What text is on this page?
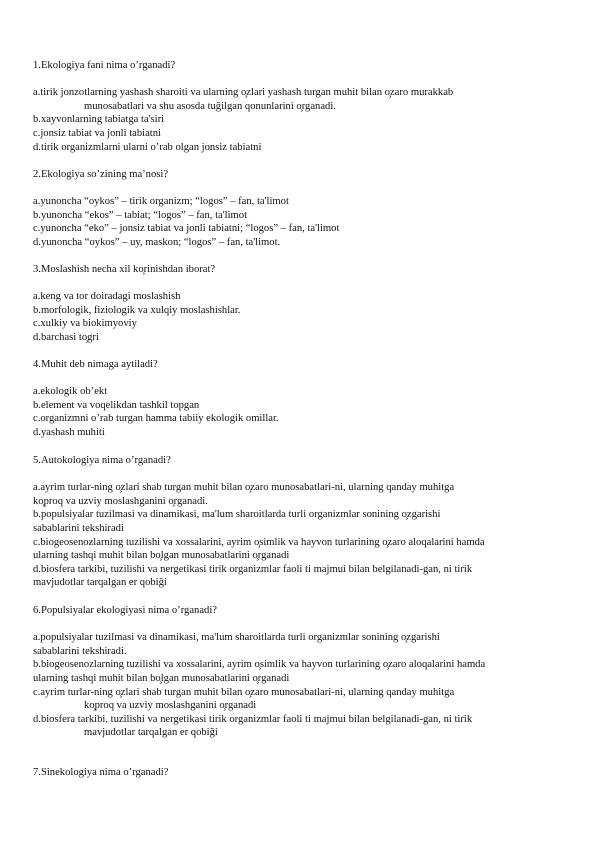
1.Ekologiya fani nima o’rganadi?
a.tirik jonzotlarning yashash sharoiti va ularning o̧zlari yashash turgan muhit bilan o̧zaro murakkab
munosabatlari va shu asosda tuğilgan qonunlarini o̧rganadi.
b.xayvonlarning tabiatga ta'siri
c.jonsiz tabiat va jonli tabiatni
d.tirik organizmlarni ularni o’rab olgan jonsiz tabiatni
2.Ekologiya so’zining ma’nosi?
a.yunoncha “oykos” – tirik organizm; “logos” – fan, ta'limot
b.yunoncha “ekos” – tabiat; “logos” – fan, ta'limot
c.yunoncha “eko” – jonsiz tabiat va jonli tabiatni; “logos” – fan, ta'limot
d.yunoncha “oykos” – uy, maskon; “logos” – fan, ta'limot.
3.Moslashish necha xil ko̧rinishdan iborat?
a.keng va tor doiradagi moslashish
b.morfologik, fiziologik va xulqiy moslashishlar.
c.xulkiy va biokimyoviy
d.barchasi to̧gri
4.Muhit deb nimaga aytiladi?
a.ekologik ob’ekt
b.element va voqelikdan tashkil topgan
c.organizmni o’rab turgan hamma tabiiy ekologik omillar.
d.yashash muhiti
5.Autokologiya nima o’rganadi?
a.ayrim turlar-ning o̧zlari shab turgan muhit bilan o̧zaro munosabatlari-ni, ularning qanday muhitga
ko̧proq va uzviy moslashganini o̧rganadi.
b.populsiyalar tuzilmasi va dinamikasi, ma'lum sharoitlarda turli organizmlar sonining o̧zgarishi
sabablarini tekshiradi
c.biogeosenozlarning tuzilishi va xossalarini, ayrim o̧simlik va hayvon turlarining o̧zaro aloqalarini hamda
ularning tashqi muhit bilan bo̧lgan munosabatlarini o̧rganadi
d.biosfera tarkibi, tuzilishi va nergetikasi tirik organizmlar faoli ti majmui bilan belgilanadi-gan, ni tirik
mavjudotlar tarqalgan er qobiği
6.Populsiyalar ekologiyasi nima o’rganadi?
a.populsiyalar tuzilmasi va dinamikasi, ma'lum sharoitlarda turli organizmlar sonining o̧zgarishi
sabablarini tekshiradi.
b.biogeosenozlarning tuzilishi va xossalarini, ayrim o̧simlik va hayvon turlarining o̧zaro aloqalarini hamda
ularning tashqi muhit bilan bo̧lgan munosabatlarini o̧rganadi
c.ayrim turlar-ning o̧zlari shab turgan muhit bilan o̧zaro munosabatlari-ni, ularning qanday muhitga
ko̧proq va uzviy moslashganini o̧rganadi
d.biosfera tarkibi, tuzilishi va nergetikasi tirik organizmlar faoli ti majmui bilan belgilanadi-gan, ni tirik
mavjudotlar tarqalgan er qobiği
7.Sinekologiya nima o’rganadi?
